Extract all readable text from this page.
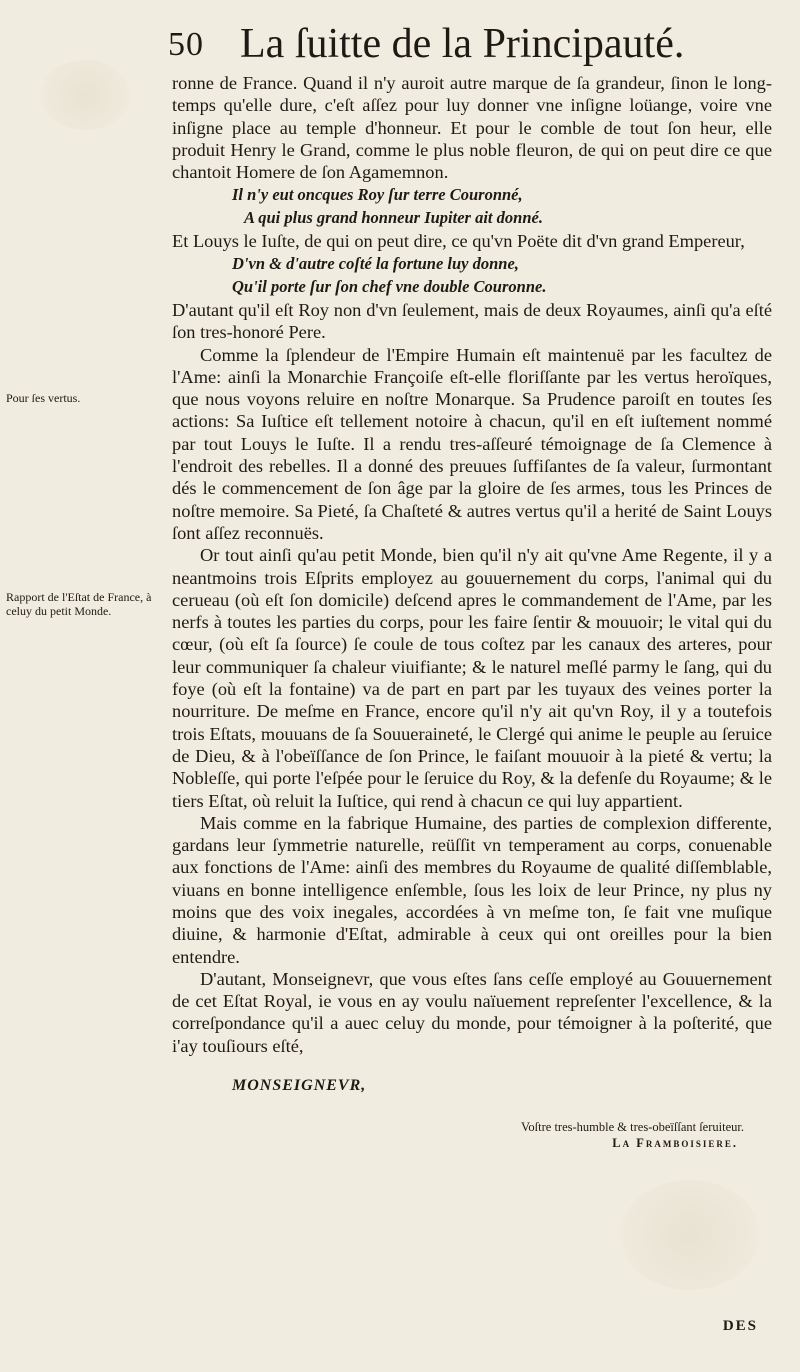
50 La ſuitte de la Principauté.
Pour ſes vertus.
Rapport de l'Eſtat de France, à celuy du petit Monde.

ronne de France. Quand il n'y auroit autre marque de ſa grandeur, ſinon le long-temps qu'elle dure, c'eſt aſſez pour luy donner vne inſigne loüange, voire vne inſigne place au temple d'honneur. Et pour le comble de tout ſon heur, elle produit Henry le Grand, comme le plus noble fleuron, de qui on peut dire ce que chantoit Homere de ſon Agamemnon.

Il n'y eut oncques Roy ſur terre Couronné,
A qui plus grand honneur Iupiter ait donné.

Et Louys le Iuſte, de qui on peut dire, ce qu'vn Poëte dit d'vn grand Empereur,

D'vn & d'autre coſté la fortune luy donne,
Qu'il porte ſur ſon chef vne double Couronne.

D'autant qu'il eſt Roy non d'vn ſeulement, mais de deux Royaumes, ainſi qu'a eſté ſon tres-honoré Pere.

Comme la ſplendeur de l'Empire Humain eſt maintenuë par les facultez de l'Ame: ainſi la Monarchie Françoiſe eſt-elle floriſſante par les vertus heroïques, que nous voyons reluire en noſtre Monarque. Sa Prudence paroiſt en toutes ſes actions: Sa Iuſtice eſt tellement notoire à chacun, qu'il en eſt iuſtement nommé par tout Louys le Iuſte. Il a rendu tres-aſſeuré témoignage de ſa Clemence à l'endroit des rebelles. Il a donné des preuues ſuffiſantes de ſa valeur, ſurmontant dés le commencement de ſon âge par la gloire de ſes armes, tous les Princes de noſtre memoire. Sa Pieté, ſa Chaſteté & autres vertus qu'il a herité de Saint Louys ſont aſſez reconnuës.

Or tout ainſi qu'au petit Monde, bien qu'il n'y ait qu'vne Ame Regente, il y a neantmoins trois Eſprits employez au gouuernement du corps, l'animal qui du cerueau (où eſt ſon domicile) deſcend apres le commandement de l'Ame, par les nerfs à toutes les parties du corps, pour les faire ſentir & mouuoir; le vital qui du cœur, (où eſt ſa ſource) ſe coule de tous coſtez par les canaux des arteres, pour leur communiquer ſa chaleur viuifiante; & le naturel meſlé parmy le ſang, qui du foye (où eſt la fontaine) va de part en part par les tuyaux des veines porter la nourriture. De meſme en France, encore qu'il n'y ait qu'vn Roy, il y a toutefois trois Eſtats, mouuans de ſa Souueraineté, le Clergé qui anime le peuple au ſeruice de Dieu, & à l'obeïſſance de ſon Prince, le faiſant mouuoir à la pieté & vertu; la Nobleſſe, qui porte l'eſpée pour le ſeruice du Roy, & la defenſe du Royaume; & le tiers Eſtat, où reluit la Iuſtice, qui rend à chacun ce qui luy appartient.

Mais comme en la fabrique Humaine, des parties de complexion differente, gardans leur ſymmetrie naturelle, reüſſit vn temperament au corps, conuenable aux fonctions de l'Ame: ainſi des membres du Royaume de qualité diſſemblable, viuans en bonne intelligence enſemble, ſous les loix de leur Prince, ny plus ny moins que des voix inegales, accordées à vn meſme ton, ſe fait vne muſique diuine, & harmonie d'Eſtat, admirable à ceux qui ont oreilles pour la bien entendre.

D'autant, Monseignevr, que vous eſtes ſans ceſſe employé au Gouuernement de cet Eſtat Royal, ie vous en ay voulu naïuement repreſenter l'excellence, & la correſpondance qu'il a auec celuy du monde, pour témoigner à la poſterité, que i'ay touſiours eſté,

MONSEIGNEVR,
Voſtre tres-humble & tres-obeïſſant ſeruiteur.
La Framboisiere.
DES
